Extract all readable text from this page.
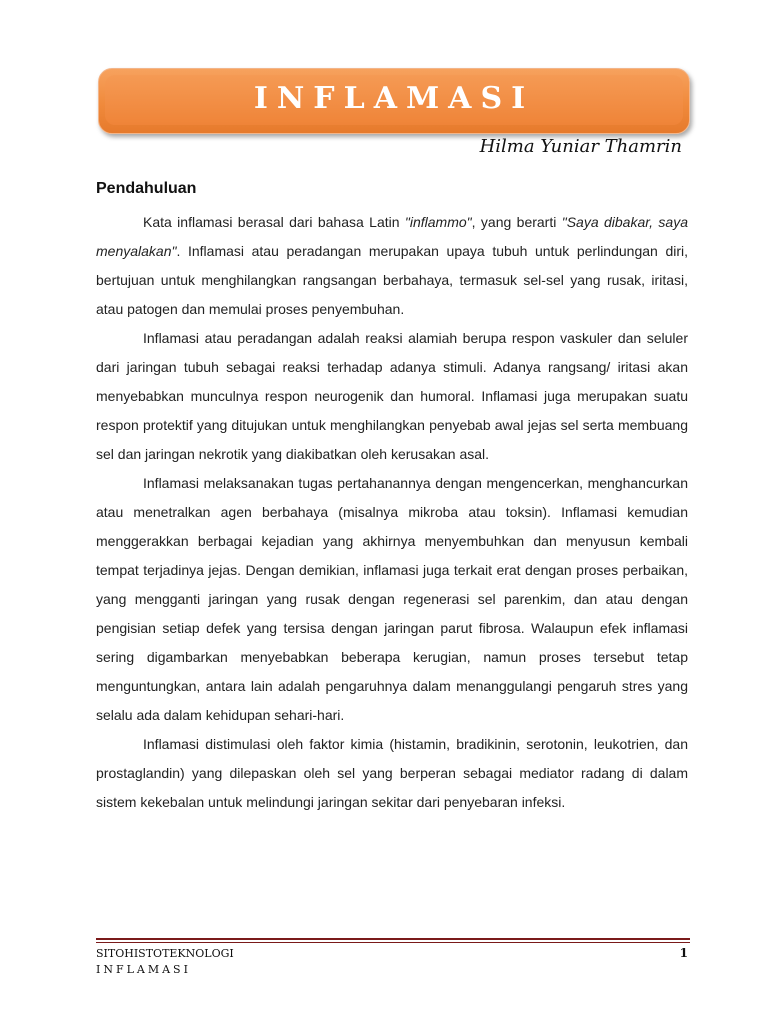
INFLAMASI
Hilma Yuniar Thamrin
Pendahuluan

Kata inflamasi berasal dari bahasa Latin "inflammo", yang berarti "Saya dibakar, saya menyalakan". Inflamasi atau peradangan merupakan upaya tubuh untuk perlindungan diri, bertujuan untuk menghilangkan rangsangan berbahaya, termasuk sel-sel yang rusak, iritasi, atau patogen dan memulai proses penyembuhan.

Inflamasi atau peradangan adalah reaksi alamiah berupa respon vaskuler dan seluler dari jaringan tubuh sebagai reaksi terhadap adanya stimuli. Adanya rangsang/ iritasi akan menyebabkan munculnya respon neurogenik dan humoral. Inflamasi juga merupakan suatu respon protektif yang ditujukan untuk menghilangkan penyebab awal jejas sel serta membuang sel dan jaringan nekrotik yang diakibatkan oleh kerusakan asal.

Inflamasi melaksanakan tugas pertahanannya dengan mengencerkan, menghancurkan atau menetralkan agen berbahaya (misalnya mikroba atau toksin). Inflamasi kemudian menggerakkan berbagai kejadian yang akhirnya menyembuhkan dan menyusun kembali tempat terjadinya jejas. Dengan demikian, inflamasi juga terkait erat dengan proses perbaikan, yang mengganti jaringan yang rusak dengan regenerasi sel parenkim, dan atau dengan pengisian setiap defek yang tersisa dengan jaringan parut fibrosa. Walaupun efek inflamasi sering digambarkan menyebabkan beberapa kerugian, namun proses tersebut tetap menguntungkan, antara lain adalah pengaruhnya dalam menanggulangi pengaruh stres yang selalu ada dalam kehidupan sehari-hari.

Inflamasi distimulasi oleh faktor kimia (histamin, bradikinin, serotonin, leukotrien, dan prostaglandin) yang dilepaskan oleh sel yang berperan sebagai mediator radang di dalam sistem kekebalan untuk melindungi jaringan sekitar dari penyebaran infeksi.

SITOHISTOTEKNOLOGI
INFLAMASI
1
